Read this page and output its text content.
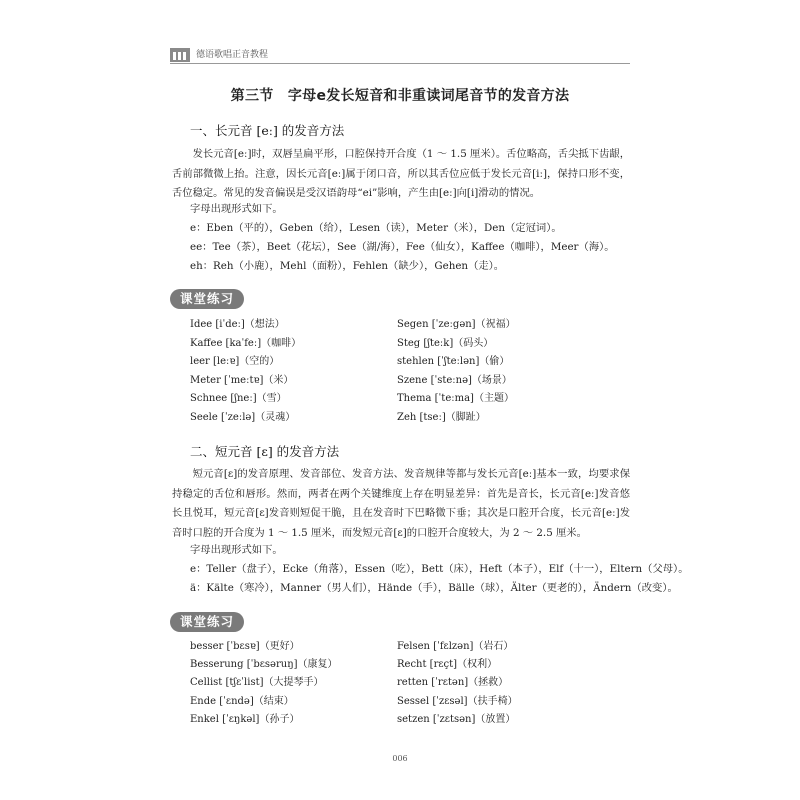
德语歌唱正音教程
第三节　字母e发长短音和非重读词尾音节的发音方法
一、长元音 [eː] 的发音方法
发长元音[eː]时，双唇呈扁平形，口腔保持开合度（1 ～ 1.5 厘米）。舌位略高，舌尖抵下齿龈，舌前部微微上抬。注意，因长元音[eː]属于闭口音，所以其舌位应低于发长元音[iː]，保持口形不变，舌位稳定。常见的发音偏误是受汉语韵母“ei”影响，产生由[eː]向[i]滑动的情况。
字母出现形式如下。
e：Eben（平的），Geben（给），Lesen（读），Meter（米），Den（定冠词）。
ee：Tee（茶），Beet（花坛），See（湖/海），Fee（仙女），Kaffee（咖啡），Meer（海）。
eh：Reh（小鹿），Mehl（面粉），Fehlen（缺少），Gehen（走）。
课堂练习
Idee [iˈdeː]（想法）
Kaffee [kaˈfeː]（咖啡）
leer [leːɐ]（空的）
Meter [ˈmeːtɐ]（米）
Schnee [ʃneː]（雪）
Seele [ˈzeːlə]（灵魂）
Segen [ˈzeːgən]（祝福）
Steg [ʃteːk]（码头）
stehlen [ˈʃteːlən]（偷）
Szene [ˈsteːnə]（场景）
Thema [ˈteːma]（主题）
Zeh [tseː]（脚趾）
二、短元音 [ɛ] 的发音方法
短元音[ɛ]的发音原理、发音部位、发音方法、发音规律等都与发长元音[eː]基本一致，均要求保持稳定的舌位和唇形。然而，两者在两个关键维度上存在明显差异：首先是音长，长元音[eː]发音悠长且悦耳，短元音[ɛ]发音则短促干脆，且在发音时下巴略微下垂；其次是口腔开合度，长元音[eː]发音时口腔的开合度为 1 ～ 1.5 厘米，而发短元音[ɛ]的口腔开合度较大，为 2 ～ 2.5 厘米。
字母出现形式如下。
e：Teller（盘子），Ecke（角落），Essen（吃），Bett（床），Heft（本子），Elf（十一），Eltern（父母）。
ä：Kälte（寒冷），Manner（男人们），Hände（手），Bälle（球），Älter（更老的），Ändern（改变）。
课堂练习
besser [ˈbɛsɐ]（更好）
Besserung [ˈbɛsəruŋ]（康复）
Cellist [tʃɛˈlist]（大提琴手）
Ende [ˈɛndə]（结束）
Enkel [ˈɛŋkəl]（孙子）
Felsen [ˈfɛlzən]（岩石）
Recht [rɛçt]（权利）
retten [ˈrɛtən]（拯救）
Sessel [ˈzɛsəl]（扶手椅）
setzen [ˈzɛtsən]（放置）
006
